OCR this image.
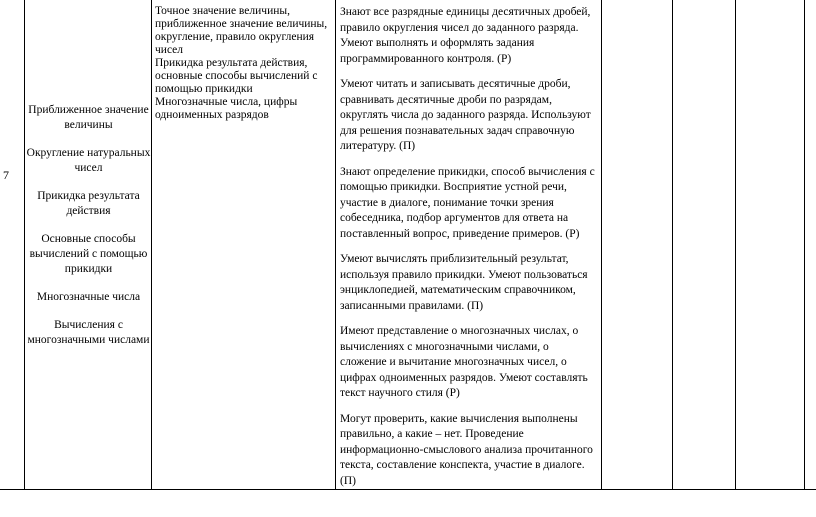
7
Приближенное значение величины
Округление натуральных чисел
Прикидка результата действия
Основные способы вычислений с помощью прикидки
Многозначные числа
Вычисления с многозначными числами
Точное значение величины, приближенное значение величины, округление, правило округления чисел
Прикидка результата действия, основные способы вычислений с помощью прикидки
Многозначные числа, цифры одноименных разрядов
Знают все разрядные единицы десятичных дробей, правило округления чисел до заданного разряда. Умеют выполнять и оформлять задания программированного контроля. (Р)
Умеют читать и записывать десятичные дроби, сравнивать десятичные дроби по разрядам, округлять числа до заданного разряда. Используют для решения познавательных задач справочную литературу. (П)
Знают определение прикидки, способ вычисления с помощью прикидки. Восприятие устной речи, участие в диалоге, понимание точки зрения собеседника, подбор аргументов для ответа на поставленный вопрос, приведение примеров. (Р)
Умеют вычислять приблизительный результат, используя правило прикидки. Умеют пользоваться энциклопедией, математическим справочником, записанными правилами. (П)
Имеют представление о многозначных числах, о вычислениях с многозначными числами, о сложение и вычитание многозначных чисел, о цифрах одноименных разрядов. Умеют составлять текст научного стиля (Р)
Могут проверить, какие вычисления выполнены правильно, а какие – нет. Проведение информационно-смыслового анализа прочитанного текста, составление конспекта, участие в диалоге. (П)
